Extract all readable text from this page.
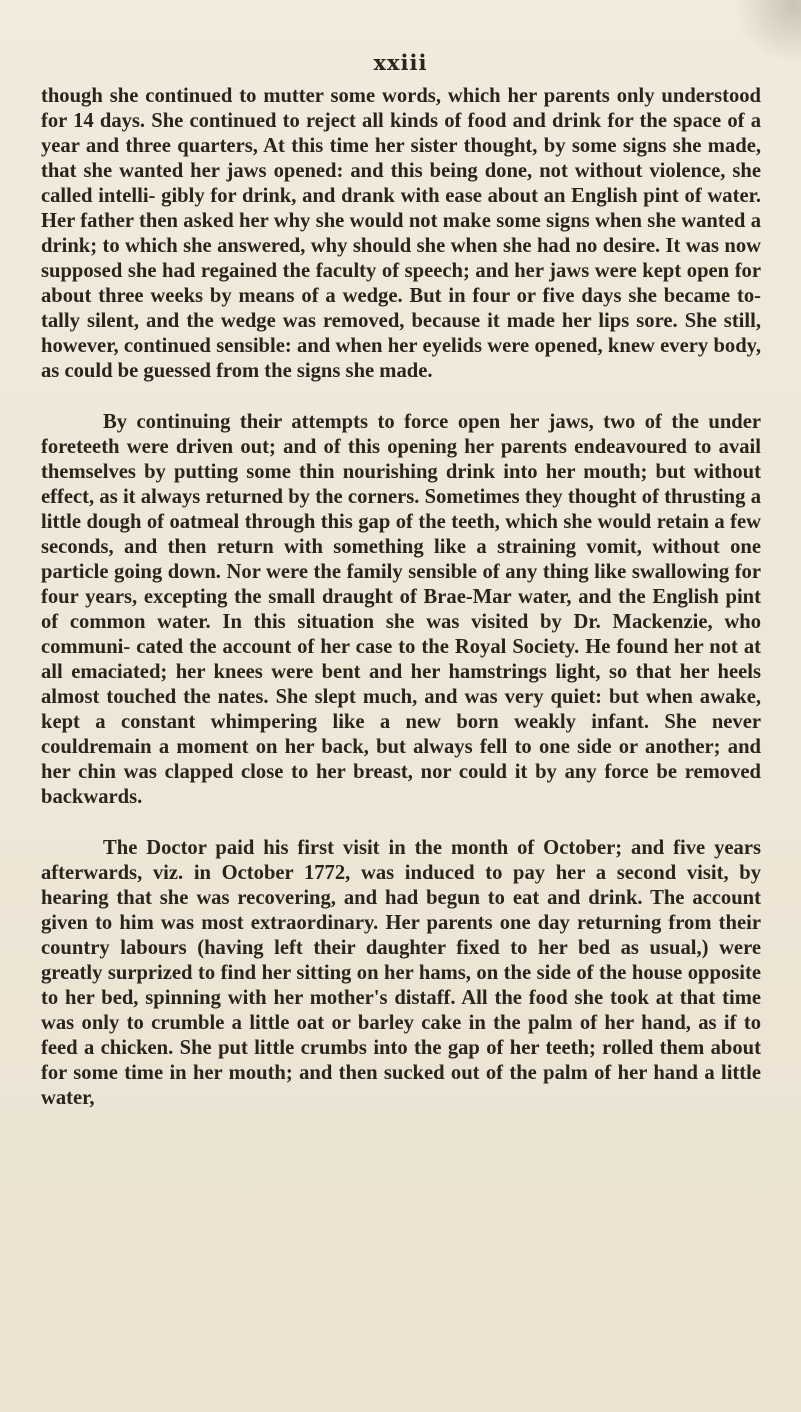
xxiii

though she continued to mutter some words, which her parents only understood for 14 days. She continued to reject all kinds of food and drink for the space of a year and three quarters, At this time her sister thought, by some signs she made, that she wanted her jaws opened: and this being done, not without violence, she called intelli- gibly for drink, and drank with ease about an English pint of water. Her father then asked her why she would not make some signs when she wanted a drink; to which she answered, why should she when she had no desire. It was now supposed she had regained the faculty of speech; and her jaws were kept open for about three weeks by means of a wedge. But in four or five days she became to- tally silent, and the wedge was removed, because it made her lips sore. She still, however, continued sensible: and when her eyelids were opened, knew every body, as could be guessed from the signs she made.

By continuing their attempts to force open her jaws, two of the under foreteeth were driven out; and of this opening her parents endeavoured to avail themselves by putting some thin nourishing drink into her mouth; but without effect, as it always returned by the corners. Sometimes they thought of thrusting a little dough of oatmeal through this gap of the teeth, which she would retain a few seconds, and then return with something like a straining vomit, without one particle going down. Nor were the family sensible of any thing like swallowing for four years, excepting the small draught of Brae-Mar water, and the English pint of common water. In this situation she was visited by Dr. Mackenzie, who communi- cated the account of her case to the Royal Society. He found her not at all emaciated; her knees were bent and her hamstrings light, so that her heels almost touched the nates. She slept much, and was very quiet: but when awake, kept a constant whimpering like a new born weakly infant. She never couldremain a moment on her back, but always fell to one side or another; and her chin was clapped close to her breast, nor could it by any force be removed backwards.

The Doctor paid his first visit in the month of October; and five years afterwards, viz. in October 1772, was induced to pay her a second visit, by hearing that she was recovering, and had begun to eat and drink. The account given to him was most extraordinary. Her parents one day returning from their country labours (having left their daughter fixed to her bed as usual,) were greatly surprized to find her sitting on her hams, on the side of the house opposite to her bed, spinning with her mother's distaff. All the food she took at that time was only to crumble a little oat or barley cake in the palm of her hand, as if to feed a chicken. She put little crumbs into the gap of her teeth; rolled them about for some time in her mouth; and then sucked out of the palm of her hand a little water,
